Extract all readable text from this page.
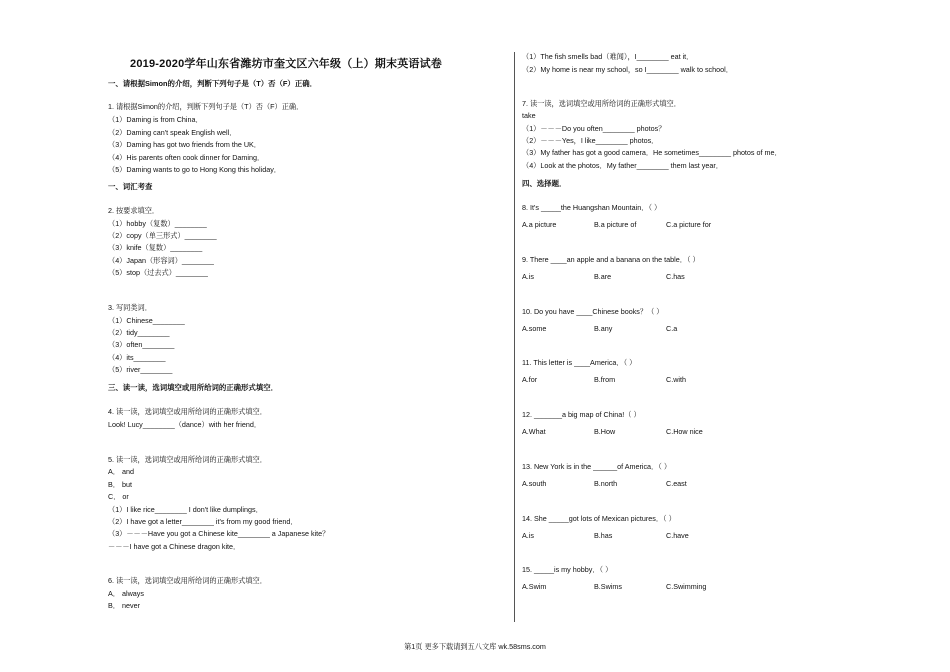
2019-2020学年山东省潍坊市奎文区六年级（上）期末英语试卷
一、请根据Simon的介绍，判断下列句子是（T）否（F）正确．
1. 请根据Simon的介绍，判断下列句子是（T）否（F）正确．
（1）Daming is from China．
（2）Daming can't speak English well．
（3）Daming has got two friends from the UK．
（4）His parents often cook dinner for Daming．
（5）Daming wants to go to Hong Kong this holiday．
一、词汇考查
2. 按要求填空．
（1）hobby（复数）________
（2）copy（单三形式）________
（3）knife（复数）________
（4）Japan（形容词）________
（5）stop（过去式）________
3. 写同类词．
（1）Chinese________
（2）tidy________
（3）often________
（4）its________
（5）river________
三、读一读，选词填空或用所给词的正确形式填空．
4. 读一读，选词填空或用所给词的正确形式填空．
Look! Lucy________（dance）with her friend．
5. 读一读，选词填空或用所给词的正确形式填空．
A． and
B． but
C． or
（1）I like rice________ I don't like dumplings．
（2）I have got a letter________ it's from my good friend．
（3）－－－Have you got a Chinese kite________ a Japanese kite？
－－－I have got a Chinese dragon kite．
6. 读一读，选词填空或用所给词的正确形式填空．
A． always
B． never
（1）The fish smells bad（难闻），I________ eat it．
（2）My home is near my school，so I________ walk to school．
7. 读一读，选词填空或用所给词的正确形式填空．
take
（1）－－－Do you often________ photos？
（2）－－－Yes，I like________ photos．
（3）My father has got a good camera．He sometimes________ photos of me．
（4）Look at the photos．My father________ them last year．
四、选择题．
8. It's _____the Huangshan Mountain．（ ）
A.a picture	B.a picture of	C.a picture for
9. There ____an apple and a banana on the table．（ ）
A.is	B.are	C.has
10. Do you have ____Chinese books？（ ）
A.some	B.any	C.a
11. This letter is ____America．（ ）
A.for	B.from	C.with
12. _______a big map of China!（ ）
A.What	B.How	C.How nice
13. New York is in the ______of America．（ ）
A.south	B.north	C.east
14. She _____got lots of Mexican pictures．（ ）
A.is	B.has	C.have
15. _____is my hobby．（ ）
A.Swim	B.Swims	C.Swimming
第1页 更多下载请到五八文库 wk.58sms.com
